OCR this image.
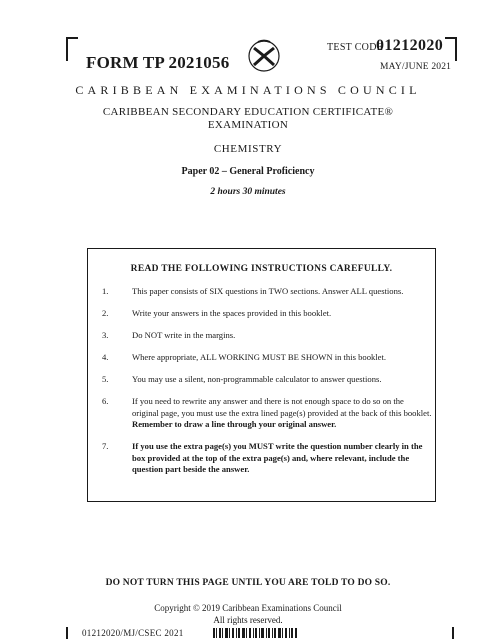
FORM TP 2021056
TEST CODE
01212020
MAY/JUNE 2021
CARIBBEAN EXAMINATIONS COUNCIL
CARIBBEAN SECONDARY EDUCATION CERTIFICATE®
EXAMINATION
CHEMISTRY
Paper 02 – General Proficiency
2 hours 30 minutes
READ THE FOLLOWING INSTRUCTIONS CAREFULLY.
1.	This paper consists of SIX questions in TWO sections. Answer ALL questions.
2.	Write your answers in the spaces provided in this booklet.
3.	Do NOT write in the margins.
4.	Where appropriate, ALL WORKING MUST BE SHOWN in this booklet.
5.	You may use a silent, non-programmable calculator to answer questions.
6.	If you need to rewrite any answer and there is not enough space to do so on the original page, you must use the extra lined page(s) provided at the back of this booklet. Remember to draw a line through your original answer.
7.	If you use the extra page(s) you MUST write the question number clearly in the box provided at the top of the extra page(s) and, where relevant, include the question part beside the answer.
DO NOT TURN THIS PAGE UNTIL YOU ARE TOLD TO DO SO.
Copyright © 2019 Caribbean Examinations Council
All rights reserved.
01212020/MJ/CSEC 2021
